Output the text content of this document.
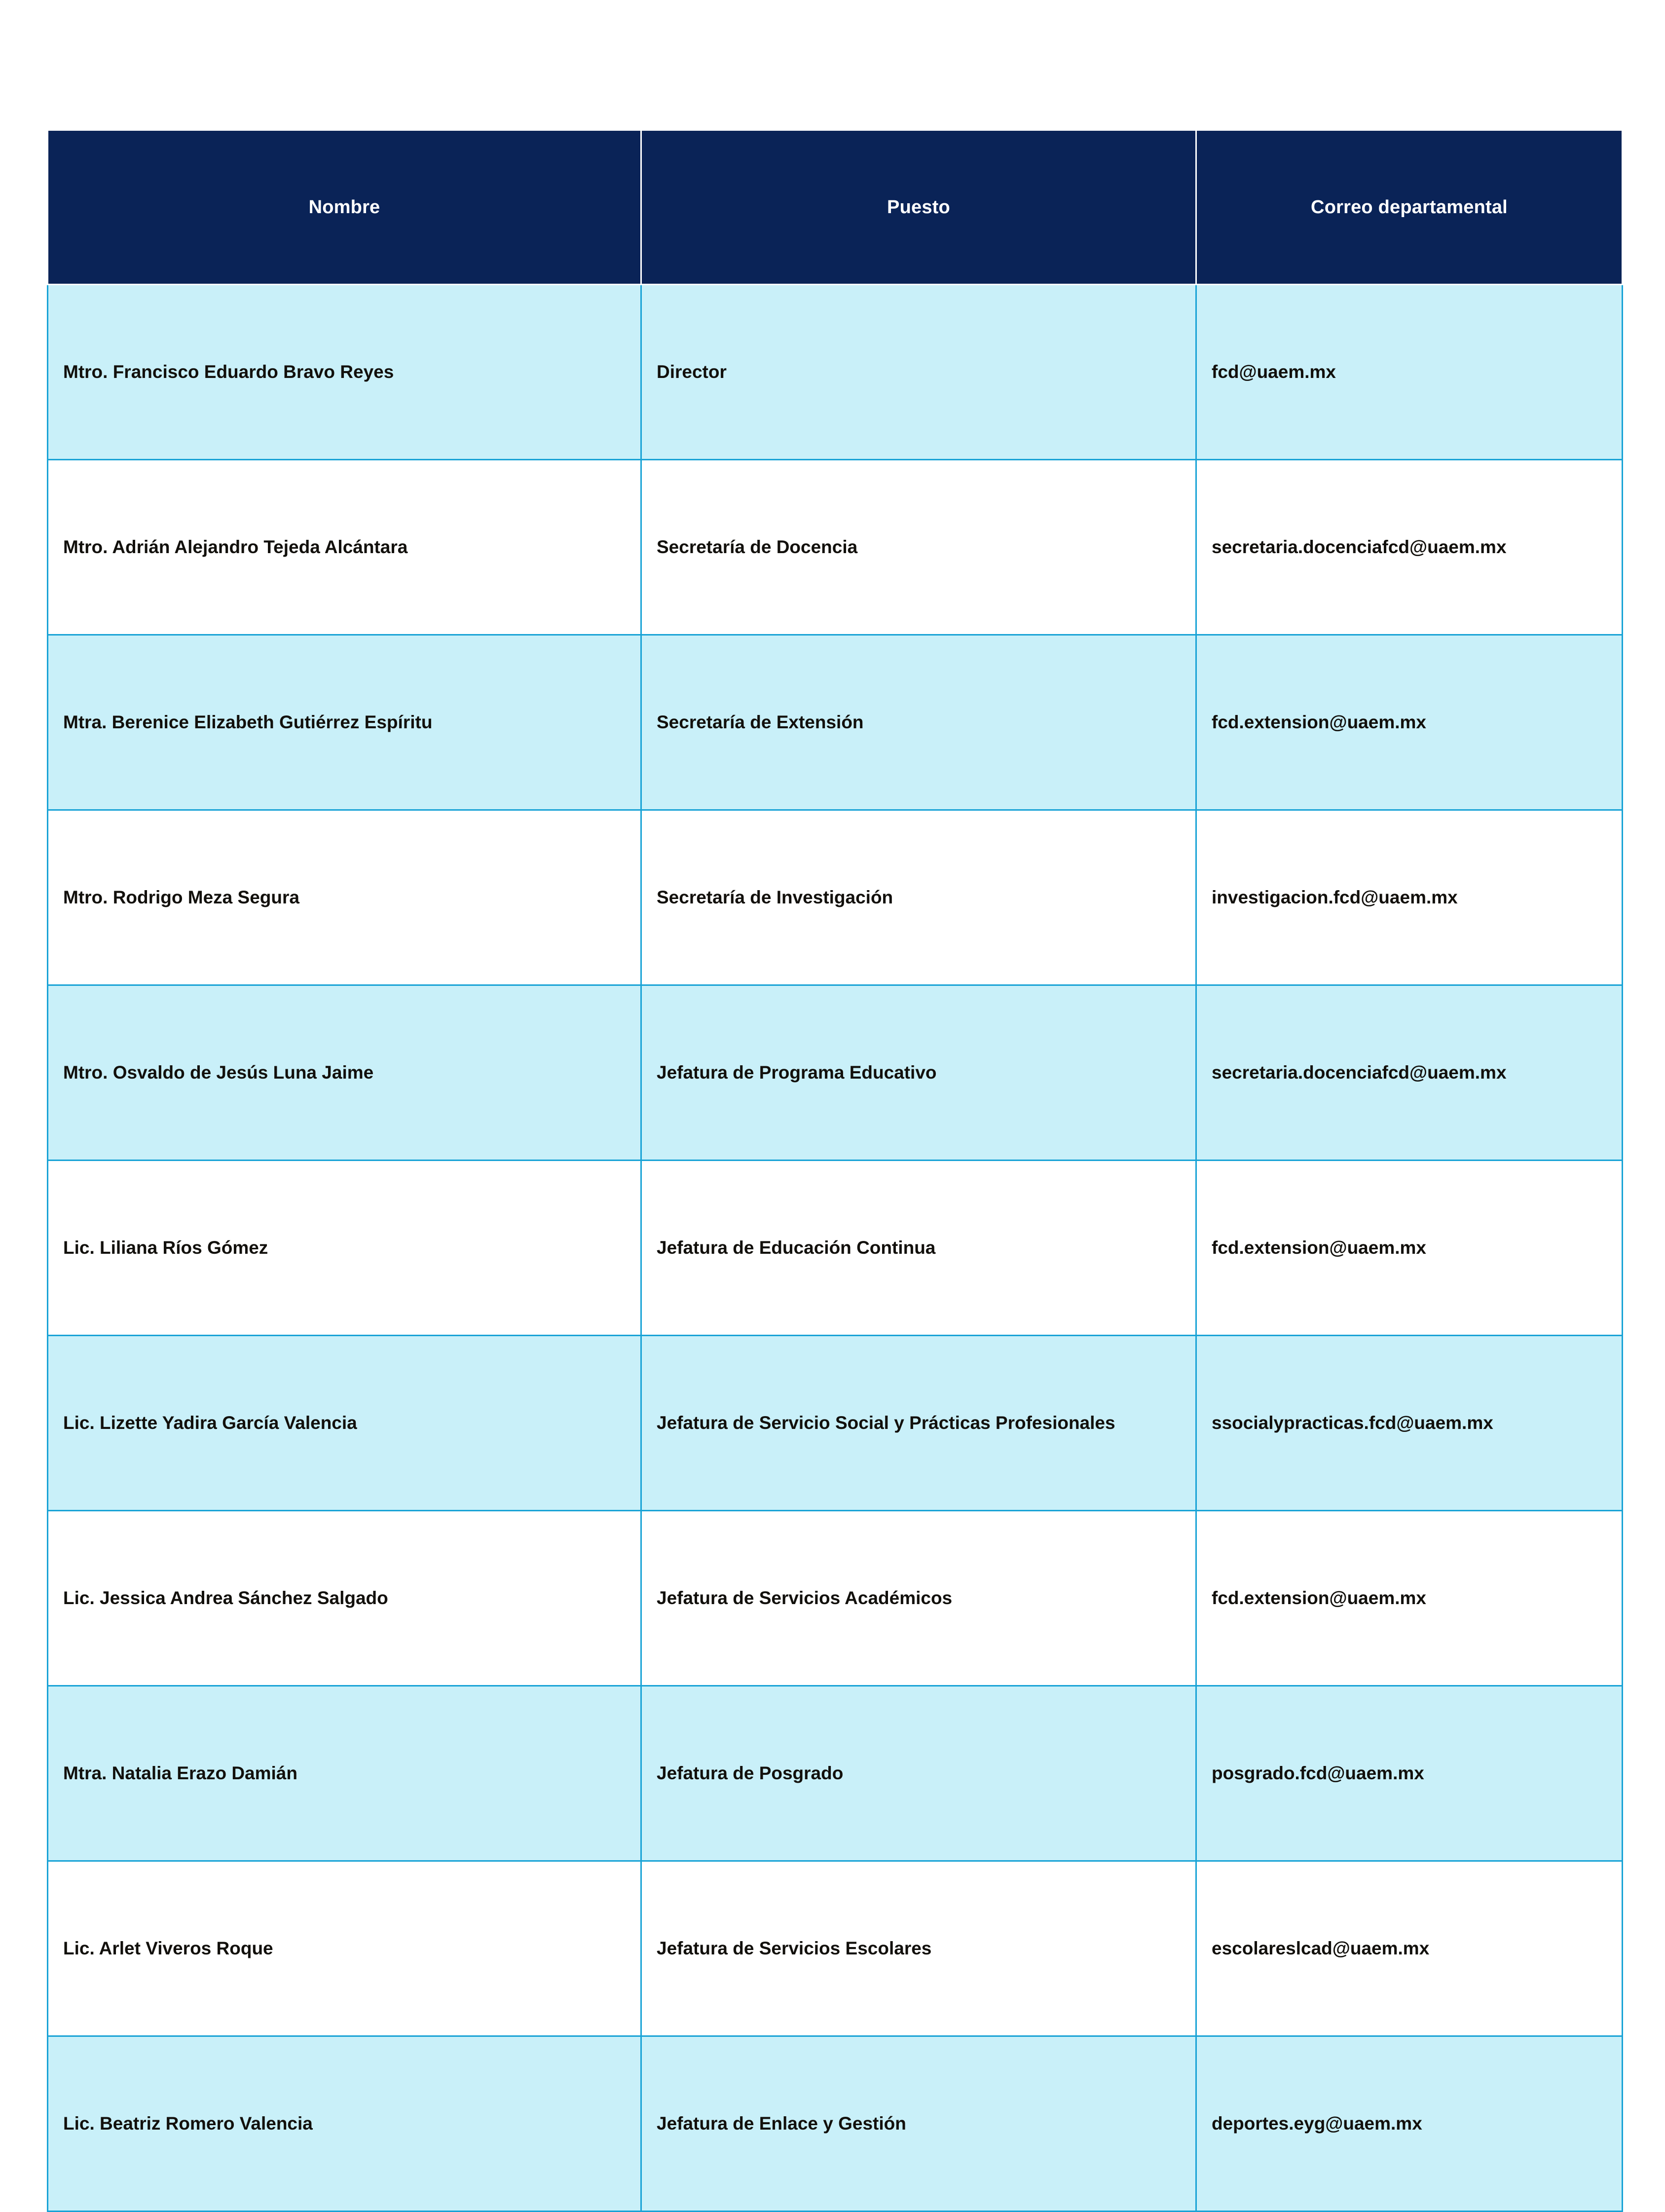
Nombre	Puesto	Correo departamental
Mtro. Francisco Eduardo Bravo Reyes	Director	fcd@uaem.mx
Mtro. Adrián Alejandro Tejeda Alcántara	Secretaría de Docencia	secretaria.docenciafcd@uaem.mx
Mtra. Berenice Elizabeth Gutiérrez Espíritu	Secretaría de Extensión	fcd.extension@uaem.mx
Mtro. Rodrigo Meza Segura	Secretaría de Investigación	investigacion.fcd@uaem.mx
Mtro. Osvaldo de Jesús Luna Jaime	Jefatura de Programa Educativo	secretaria.docenciafcd@uaem.mx
Lic. Liliana Ríos Gómez	Jefatura de Educación Continua	fcd.extension@uaem.mx
Lic. Lizette Yadira García Valencia	Jefatura de Servicio Social y Prácticas Profesionales	ssocialypracticas.fcd@uaem.mx
Lic. Jessica Andrea Sánchez Salgado	Jefatura de Servicios Académicos	fcd.extension@uaem.mx
Mtra. Natalia Erazo Damián	Jefatura de Posgrado	posgrado.fcd@uaem.mx
Lic. Arlet Viveros Roque	Jefatura de Servicios Escolares	escolareslcad@uaem.mx
Lic. Beatriz Romero Valencia	Jefatura de Enlace y Gestión	deportes.eyg@uaem.mx
